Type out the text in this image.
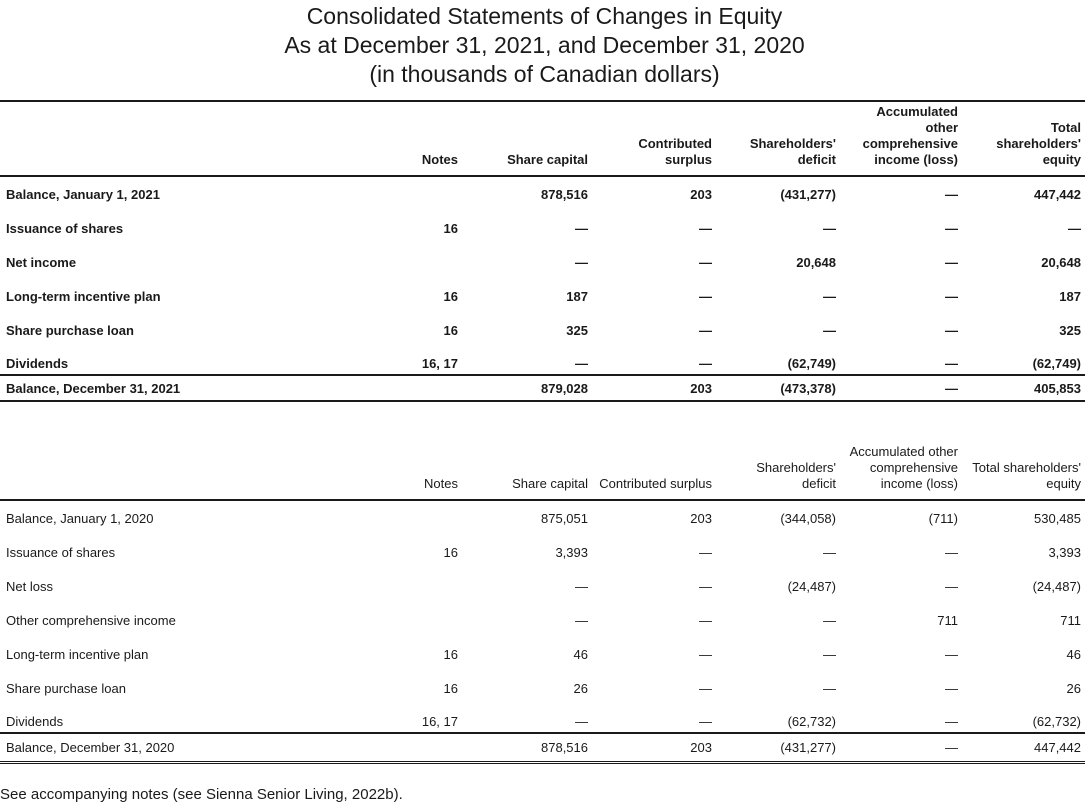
Consolidated Statements of Changes in Equity
As at December 31, 2021, and December 31, 2020
(in thousands of Canadian dollars)
	Notes	Share capital	Contributed surplus	Shareholders' deficit	Accumulated other comprehensive income (loss)	Total shareholders' equity
Balance, January 1, 2021		878,516	203	(431,277)	—	447,442
Issuance of shares	16	—	—	—	—	—
Net income		—	—	20,648	—	20,648
Long-term incentive plan	16	187	—	—	—	187
Share purchase loan	16	325	—	—	—	325
Dividends	16, 17	—	—	(62,749)	—	(62,749)
Balance, December 31, 2021		879,028	203	(473,378)	—	405,853
	Notes	Share capital	Contributed surplus	Shareholders' deficit	Accumulated other comprehensive income (loss)	Total shareholders' equity
Balance, January 1, 2020		875,051	203	(344,058)	(711)	530,485
Issuance of shares	16	3,393	—	—	—	3,393
Net loss		—	—	(24,487)	—	(24,487)
Other comprehensive income		—	—	—	711	711
Long-term incentive plan	16	46	—	—	—	46
Share purchase loan	16	26	—	—	—	26
Dividends	16, 17	—	—	(62,732)	—	(62,732)
Balance, December 31, 2020		878,516	203	(431,277)	—	447,442
See accompanying notes (see Sienna Senior Living, 2022b).
